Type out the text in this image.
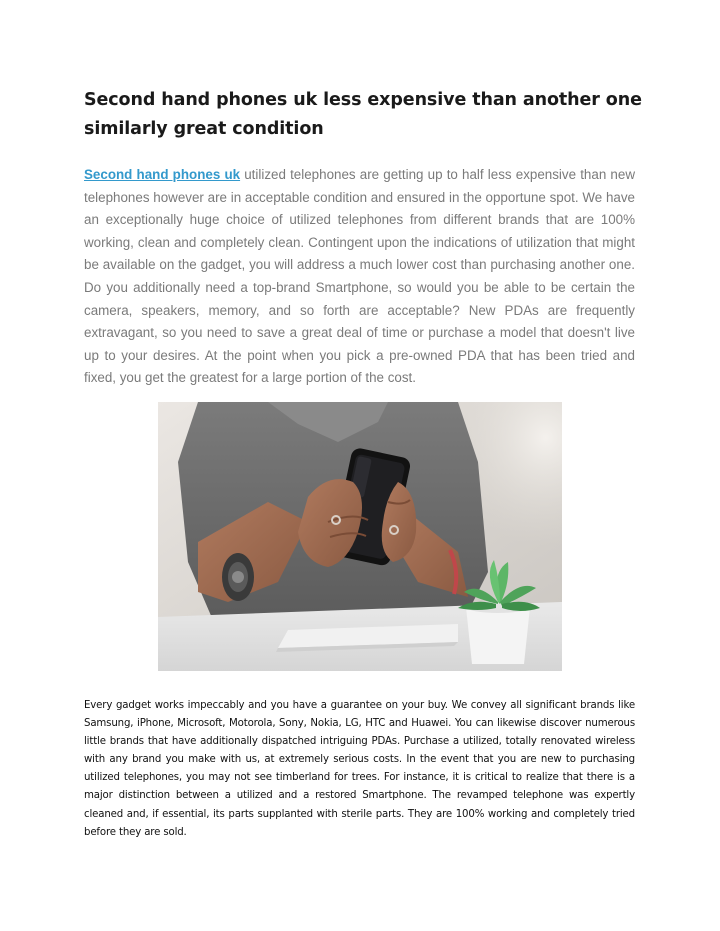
Second hand phones uk less expensive than another one similarly great condition

Second hand phones uk utilized telephones are getting up to half less expensive than new telephones however are in acceptable condition and ensured in the opportune spot. We have an exceptionally huge choice of utilized telephones from different brands that are 100% working, clean and completely clean. Contingent upon the indications of utilization that might be available on the gadget, you will address a much lower cost than purchasing another one. Do you additionally need a top-brand Smartphone, so would you be able to be certain the camera, speakers, memory, and so forth are acceptable? New PDAs are frequently extravagant, so you need to save a great deal of time or purchase a model that doesn't live up to your desires. At the point when you pick a pre-owned PDA that has been tried and fixed, you get the greatest for a large portion of the cost.

Every gadget works impeccably and you have a guarantee on your buy. We convey all significant brands like Samsung, iPhone, Microsoft, Motorola, Sony, Nokia, LG, HTC and Huawei. You can likewise discover numerous little brands that have additionally dispatched intriguing PDAs. Purchase a utilized, totally renovated wireless with any brand you make with us, at extremely serious costs. In the event that you are new to purchasing utilized telephones, you may not see timberland for trees. For instance, it is critical to realize that there is a major distinction between a utilized and a restored Smartphone. The revamped telephone was expertly cleaned and, if essential, its parts supplanted with sterile parts. They are 100% working and completely tried before they are sold.
